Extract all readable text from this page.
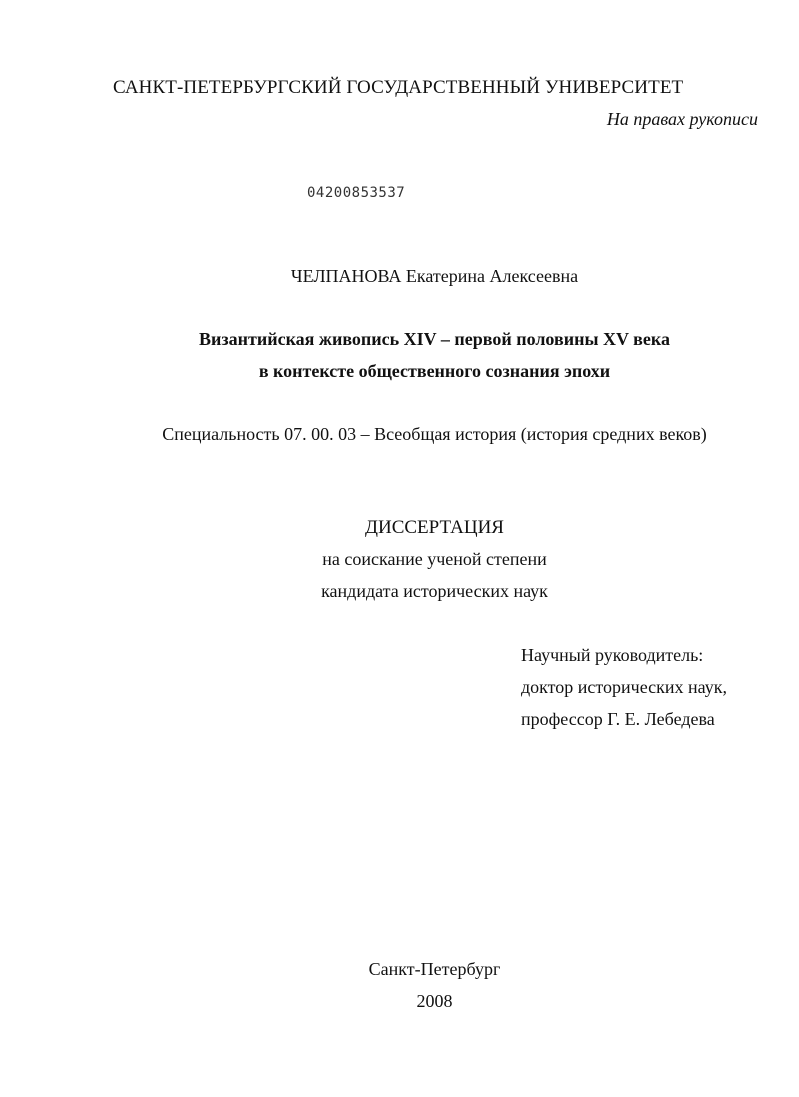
САНКТ-ПЕТЕРБУРГСКИЙ ГОСУДАРСТВЕННЫЙ УНИВЕРСИТЕТ
На правах рукописи
04200853537
ЧЕЛПАНОВА Екатерина Алексеевна
Византийская живопись XIV – первой половины XV века
в контексте общественного сознания эпохи
Специальность 07. 00. 03 – Всеобщая история (история средних веков)
ДИССЕРТАЦИЯ
на соискание ученой степени
кандидата исторических наук
Научный руководитель:
доктор исторических наук,
профессор Г. Е. Лебедева
Санкт-Петербург
2008
